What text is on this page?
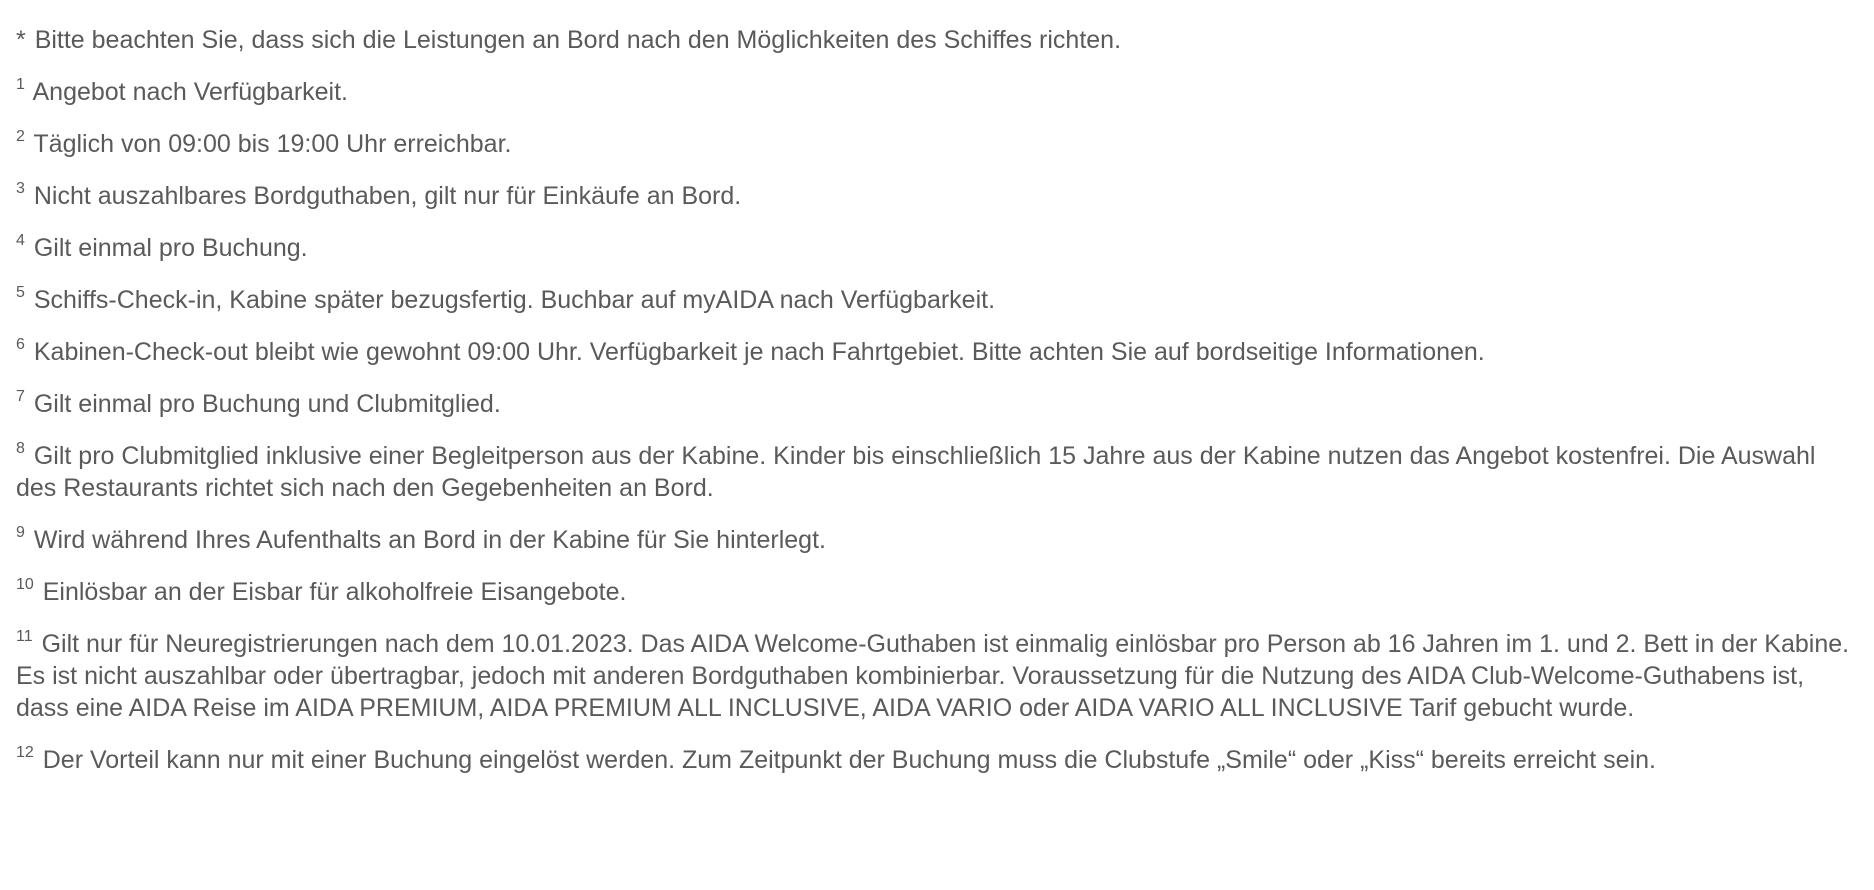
* Bitte beachten Sie, dass sich die Leistungen an Bord nach den Möglichkeiten des Schiffes richten.

$^1$ Angebot nach Verfügbarkeit.

$^2$ Täglich von 09:00 bis 19:00 Uhr erreichbar.

$^3$ Nicht auszahlbares Bordguthaben, gilt nur für Einkäufe an Bord.

$^4$ Gilt einmal pro Buchung.

$^5$ Schiffs-Check-in, Kabine später bezugsfertig. Buchbar auf myAIDA nach Verfügbarkeit.

$^6$ Kabinen-Check-out bleibt wie gewohnt 09:00 Uhr. Verfügbarkeit je nach Fahrtgebiet. Bitte achten Sie auf bordseitige Informationen.

$^7$ Gilt einmal pro Buchung und Clubmitglied.

$^8$ Gilt pro Clubmitglied inklusive einer Begleitperson aus der Kabine. Kinder bis einschließlich 15 Jahre aus der Kabine nutzen das Angebot kostenfrei. Die Auswahl des Restaurants richtet sich nach den Gegebenheiten an Bord.

$^9$ Wird während Ihres Aufenthalts an Bord in der Kabine für Sie hinterlegt.

$^{10}$ Einlösbar an der Eisbar für alkoholfreie Eisangebote.

$^{11}$ Gilt nur für Neuregistrierungen nach dem 10.01.2023. Das AIDA Welcome-Guthaben ist einmalig einlösbar pro Person ab 16 Jahren im 1. und 2. Bett in der Kabine. Es ist nicht auszahlbar oder übertragbar, jedoch mit anderen Bordguthaben kombinierbar. Voraussetzung für die Nutzung des AIDA Club-Welcome-Guthabens ist, dass eine AIDA Reise im AIDA PREMIUM, AIDA PREMIUM ALL INCLUSIVE, AIDA VARIO oder AIDA VARIO ALL INCLUSIVE Tarif gebucht wurde.

$^{12}$ Der Vorteil kann nur mit einer Buchung eingelöst werden. Zum Zeitpunkt der Buchung muss die Clubstufe „Smile“ oder „Kiss“ bereits erreicht sein.
